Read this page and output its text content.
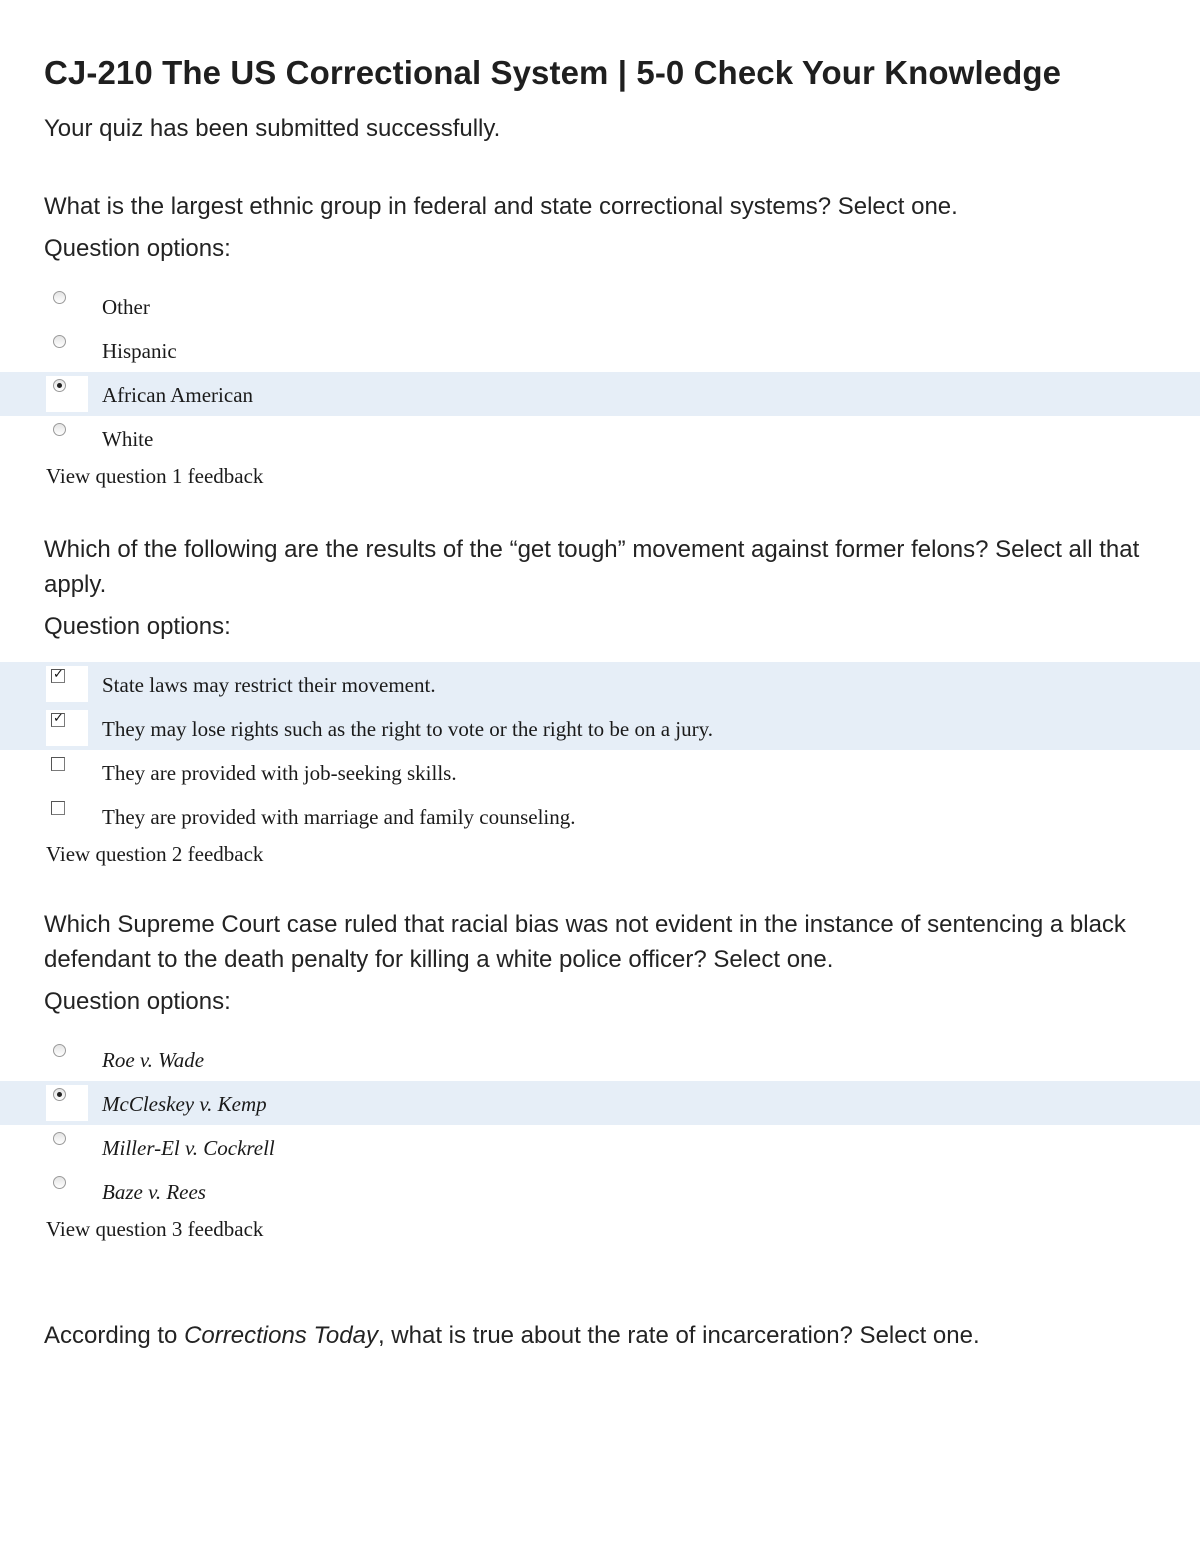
CJ-210 The US Correctional System | 5-0 Check Your Knowledge
Your quiz has been submitted successfully.

What is the largest ethnic group in federal and state correctional systems? Select one.

Question options:
Other
Hispanic
African American
White
View question 1 feedback

Which of the following are the results of the “get tough” movement against former felons? Select all that apply.

Question options:
✓ State laws may restrict their movement.
✓ They may lose rights such as the right to vote or the right to be on a jury.
They are provided with job-seeking skills.
They are provided with marriage and family counseling.
View question 2 feedback

Which Supreme Court case ruled that racial bias was not evident in the instance of sentencing a black defendant to the death penalty for killing a white police officer? Select one.

Question options:
Roe v. Wade
McCleskey v. Kemp
Miller-El v. Cockrell
Baze v. Rees
View question 3 feedback

According to Corrections Today, what is true about the rate of incarceration? Select one.
